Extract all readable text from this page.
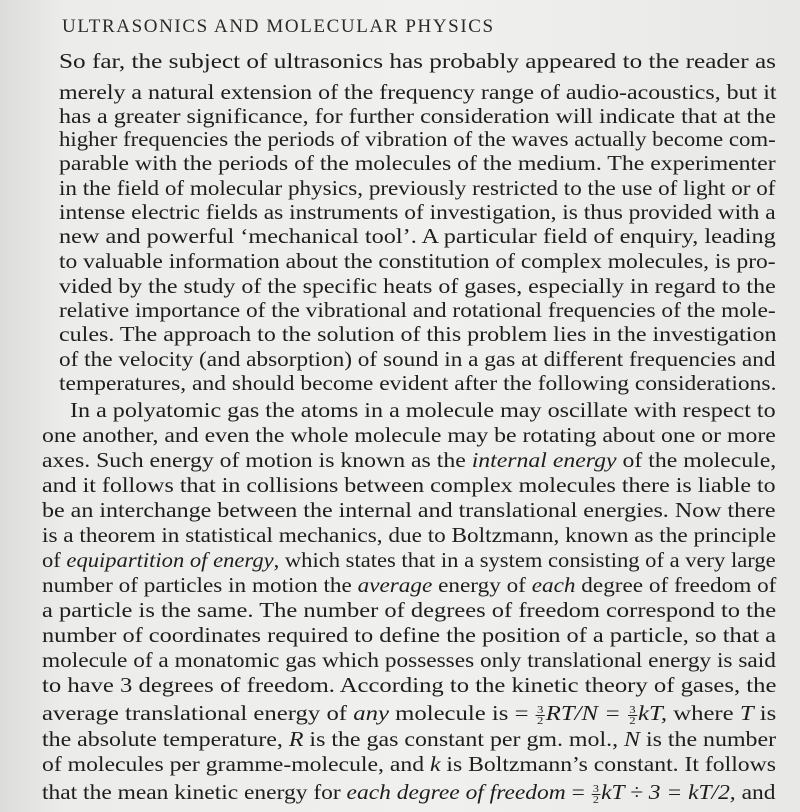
ULTRASONICS AND MOLECULAR PHYSICS
So far, the subject of ultrasonics has probably appeared to the reader as
merely a natural extension of the frequency range of audio-acoustics, but it
has a greater significance, for further consideration will indicate that at the
higher frequencies the periods of vibration of the waves actually become com-
parable with the periods of the molecules of the medium. The experimenter
in the field of molecular physics, previously restricted to the use of light or of
intense electric fields as instruments of investigation, is thus provided with a
new and powerful ‘mechanical tool’. A particular field of enquiry, leading
to valuable information about the constitution of complex molecules, is pro-
vided by the study of the specific heats of gases, especially in regard to the
relative importance of the vibrational and rotational frequencies of the mole-
cules. The approach to the solution of this problem lies in the investigation
of the velocity (and absorption) of sound in a gas at different frequencies and
temperatures, and should become evident after the following considerations.
In a polyatomic gas the atoms in a molecule may oscillate with respect to
one another, and even the whole molecule may be rotating about one or more
axes. Such energy of motion is known as the internal energy of the molecule,
and it follows that in collisions between complex molecules there is liable to
be an interchange between the internal and translational energies. Now there
is a theorem in statistical mechanics, due to Boltzmann, known as the principle
of equipartition of energy, which states that in a system consisting of a very large
number of particles in motion the average energy of each degree of freedom of
a particle is the same. The number of degrees of freedom correspond to the
number of coordinates required to define the position of a particle, so that a
molecule of a monatomic gas which possesses only translational energy is said
to have 3 degrees of freedom. According to the kinetic theory of gases, the
average translational energy of any molecule is = $\frac{3}{2} RT/N = \frac{3}{2}$ kT, where T is
the absolute temperature, R is the gas constant per gm. mol., N is the number
of molecules per gramme-molecule, and k is Boltzmann’s constant. It follows
that the mean kinetic energy for each degree of freedom = $\frac{3}{2}$ kT ÷ 3 = kT/2, and
